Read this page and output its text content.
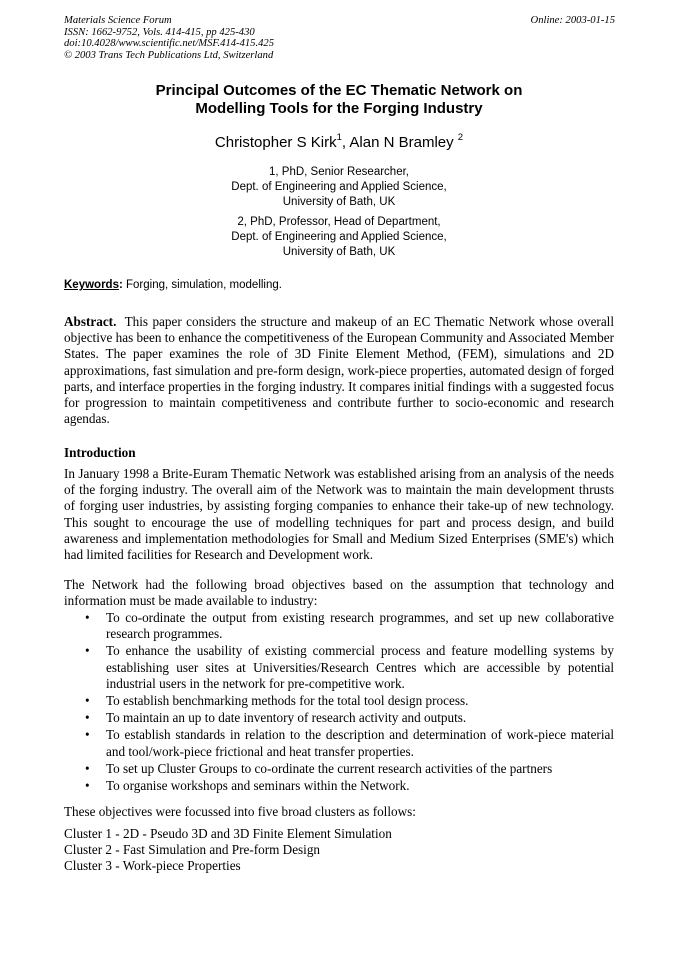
Materials Science Forum
ISSN: 1662-9752, Vols. 414-415, pp 425-430
doi:10.4028/www.scientific.net/MSF.414-415.425
© 2003 Trans Tech Publications Ltd, Switzerland
Online: 2003-01-15
Principal Outcomes of the EC Thematic Network on
Modelling Tools for the Forging Industry
Christopher S Kirk$^1$, Alan N Bramley $^2$
1, PhD, Senior Researcher,
Dept. of Engineering and Applied Science,
University of Bath, UK
2, PhD, Professor, Head of Department,
Dept. of Engineering and Applied Science,
University of Bath, UK
Keywords: Forging, simulation, modelling.
Abstract. This paper considers the structure and makeup of an EC Thematic Network whose overall objective has been to enhance the competitiveness of the European Community and Associated Member States. The paper examines the role of 3D Finite Element Method, (FEM), simulations and 2D approximations, fast simulation and pre-form design, work-piece properties, automated design of forged parts, and interface properties in the forging industry. It compares initial findings with a suggested focus for progression to maintain competitiveness and contribute further to socio-economic and research agendas.
Introduction
In January 1998 a Brite-Euram Thematic Network was established arising from an analysis of the needs of the forging industry. The overall aim of the Network was to maintain the main development thrusts of forging user industries, by assisting forging companies to enhance their take-up of new technology. This sought to encourage the use of modelling techniques for part and process design, and build awareness and implementation methodologies for Small and Medium Sized Enterprises (SME's) which had limited facilities for Research and Development work.
The Network had the following broad objectives based on the assumption that technology and information must be made available to industry:
• To co-ordinate the output from existing research programmes, and set up new collaborative research programmes.
• To enhance the usability of existing commercial process and feature modelling systems by establishing user sites at Universities/Research Centres which are accessible by potential industrial users in the network for pre-competitive work.
• To establish benchmarking methods for the total tool design process.
• To maintain an up to date inventory of research activity and outputs.
• To establish standards in relation to the description and determination of work-piece material and tool/work-piece frictional and heat transfer properties.
• To set up Cluster Groups to co-ordinate the current research activities of the partners
• To organise workshops and seminars within the Network.
These objectives were focussed into five broad clusters as follows:
Cluster 1 - 2D - Pseudo 3D and 3D Finite Element Simulation
Cluster 2 - Fast Simulation and Pre-form Design
Cluster 3 - Work-piece Properties
